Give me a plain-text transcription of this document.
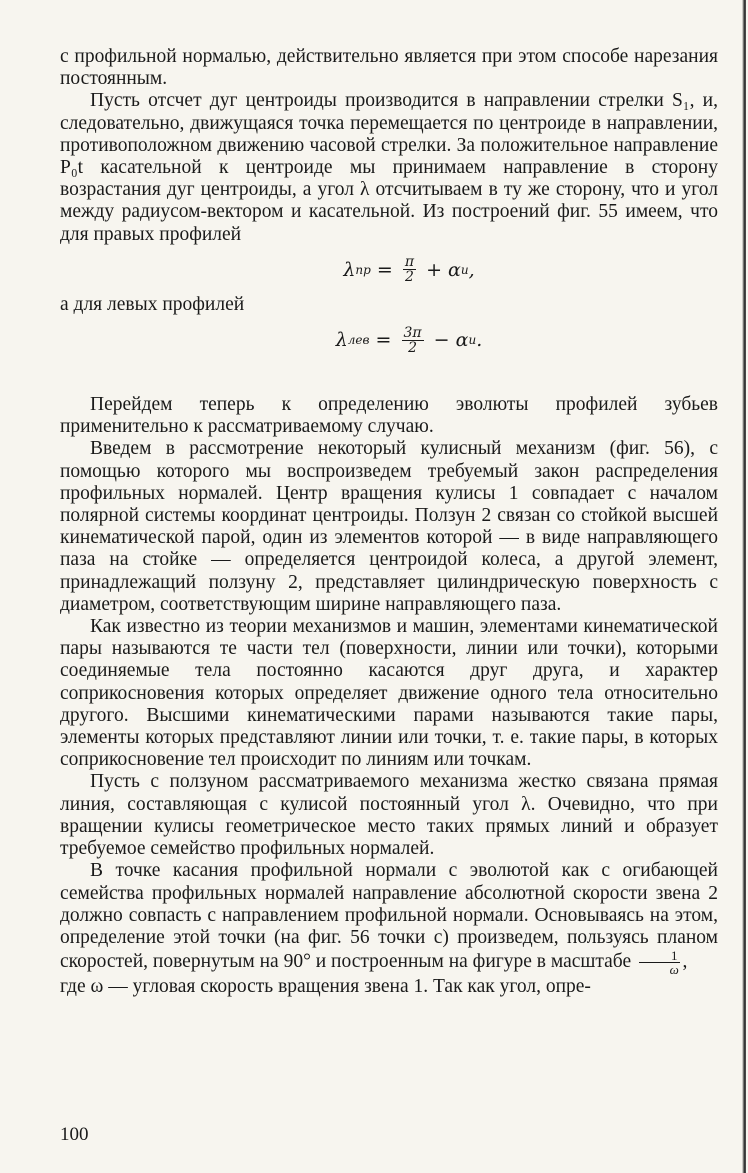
с профильной нормалью, действительно является при этом способе нарезания постоянным.

Пусть отсчет дуг центроиды производится в направлении стрелки S₁, и, следовательно, движущаяся точка перемещается по центроиде в направлении, противоположном движению часовой стрелки. За положительное направление P₀t касательной к центроиде мы принимаем направление в сторону возрастания дуг центроиды, а угол λ отсчитываем в ту же сторону, что и угол между радиусом-вектором и касательной. Из построений фиг. 55 имеем, что для правых профилей

λ пр = $\frac{\pi}{2}$
+ α и ,

а для левых профилей

λ лев = $\frac{3\pi}{2}$
− α и .

Перейдем теперь к определению эволюты профилей зубьев применительно к рассматриваемому случаю.

Введем в рассмотрение некоторый кулисный механизм (фиг. 56), с помощью которого мы воспроизведем требуемый закон распределения профильных нормалей. Центр вращения кулисы 1 совпадает с началом полярной системы координат центроиды. Ползун 2 связан со стойкой высшей кинематической парой, один из элементов которой — в виде направляющего паза на стойке — определяется центроидой колеса, а другой элемент, принадлежащий ползуну 2, представляет цилиндрическую поверхность с диаметром, соответствующим ширине направляющего паза.

Как известно из теории механизмов и машин, элементами кинематической пары называются те части тел (поверхности, линии или точки), которыми соединяемые тела постоянно касаются друг друга, и характер соприкосновения которых определяет движение одного тела относительно другого. Высшими кинематическими парами называются такие пары, элементы которых представляют линии или точки, т. е. такие пары, в которых соприкосновение тел происходит по линиям или точкам.

Пусть с ползуном рассматриваемого механизма жестко связана прямая линия, составляющая с кулисой постоянный угол λ. Очевидно, что при вращении кулисы геометрическое место таких прямых линий и образует требуемое семейство профильных нормалей.

В точке касания профильной нормали с эволютой как с огибающей семейства профильных нормалей направление абсолютной скорости звена 2 должно совпасть с направлением профильной нормали. Основываясь на этом, определение этой точки (на фиг. 56 точки c) произведем, пользуясь планом скоростей, повернутым на 90° и построенным на фигуре в масштабе $\frac{1}{\omega}$ ,

где ω — угловая скорость вращения звена 1. Так как угол, опре-

100
